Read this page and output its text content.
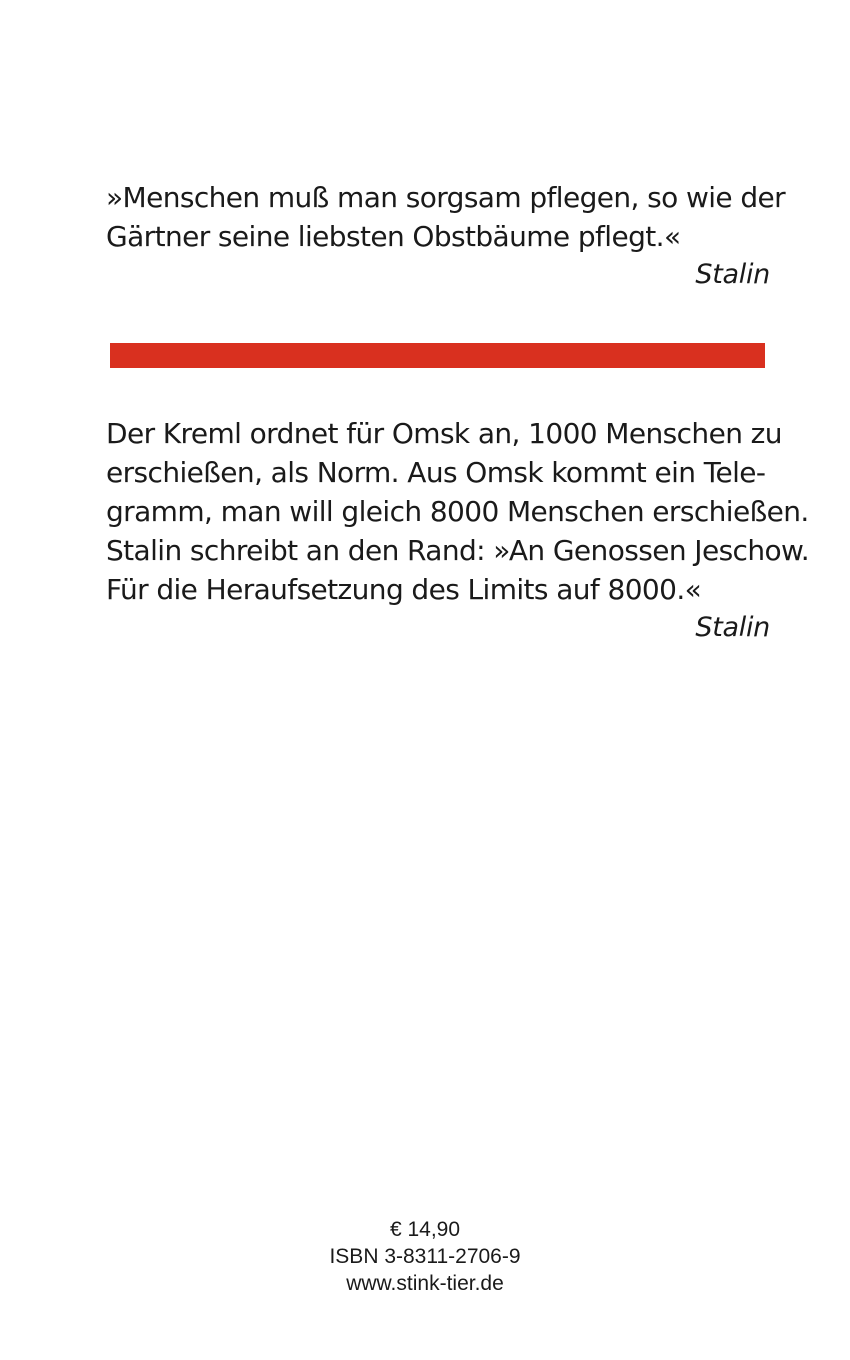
»Menschen muß man sorgsam pflegen, so wie der
Gärtner seine liebsten Obstbäume pflegt.«
Stalin
Der Kreml ordnet für Omsk an, 1000 Menschen zu
erschießen, als Norm. Aus Omsk kommt ein Tele-
gramm, man will gleich 8000 Menschen erschießen.
Stalin schreibt an den Rand: »An Genossen Jeschow.
Für die Heraufsetzung des Limits auf 8000.«
Stalin
€ 14,90
ISBN 3-8311-2706-9
www.stink-tier.de
